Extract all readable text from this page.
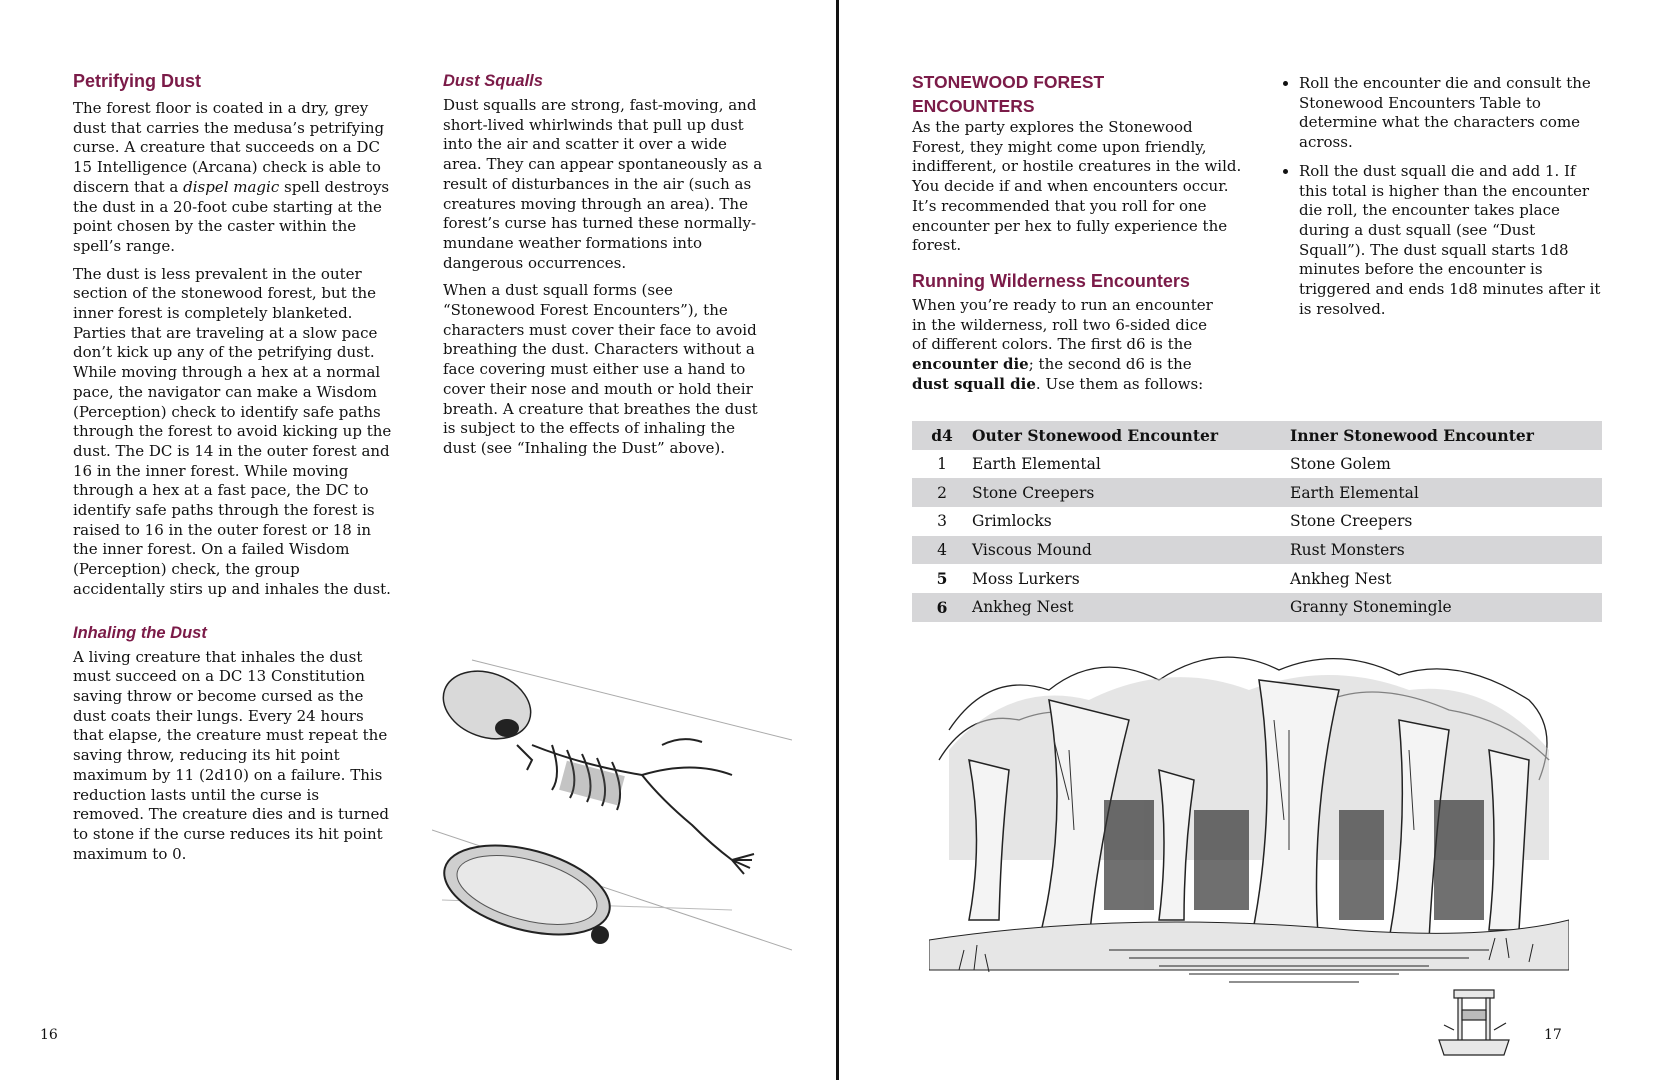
Petrifying Dust

The forest floor is coated in a dry, grey dust that carries the medusa’s petrifying curse. A creature that succeeds on a DC 15 Intelligence (Arcana) check is able to discern that a dispel magic spell destroys the dust in a 20-foot cube starting at the point chosen by the caster within the spell’s range.

The dust is less prevalent in the outer section of the stonewood forest, but the inner forest is completely blanketed. Parties that are traveling at a slow pace don’t kick up any of the petrifying dust. While moving through a hex at a normal pace, the navigator can make a Wisdom (Perception) check to identify safe paths through the forest to avoid kicking up the dust. The DC is 14 in the outer forest and 16 in the inner forest. While moving through a hex at a fast pace, the DC to identify safe paths through the forest is raised to 16 in the outer forest or 18 in the inner forest. On a failed Wisdom (Perception) check, the group accidentally stirs up and inhales the dust.

Inhaling the Dust

A living creature that inhales the dust must succeed on a DC 13 Constitution saving throw or become cursed as the dust coats their lungs. Every 24 hours that elapse, the creature must repeat the saving throw, reducing its hit point maximum by 11 (2d10) on a failure. This reduction lasts until the curse is removed. The creature dies and is turned to stone if the curse reduces its hit point maximum to 0.

Dust Squalls

Dust squalls are strong, fast-moving, and short-lived whirlwinds that pull up dust into the air and scatter it over a wide area. They can appear spontaneously as a result of disturbances in the air (such as creatures moving through an area). The forest’s curse has turned these normally-mundane weather formations into dangerous occurrences.

When a dust squall forms (see “Stonewood Forest Encounters”), the characters must cover their face to avoid breathing the dust. Characters without a face covering must either use a hand to cover their nose and mouth or hold their breath. A creature that breathes the dust is subject to the effects of inhaling the dust (see “Inhaling the Dust” above).

16
STONEWOOD FOREST
ENCOUNTERS

As the party explores the Stonewood Forest, they might come upon friendly, indifferent, or hostile creatures in the wild. You decide if and when encounters occur. It’s recommended that you roll for one encounter per hex to fully experience the forest.

Running Wilderness Encounters

When you’re ready to run an encounter in the wilderness, roll two 6-sided dice of different colors. The first d6 is the encounter die; the second d6 is the dust squall die. Use them as follows:

• Roll the encounter die and consult the Stonewood Encounters Table to determine what the characters come across.
• Roll the dust squall die and add 1. If this total is higher than the encounter die roll, the encounter takes place during a dust squall (see “Dust Squall”). The dust squall starts 1d8 minutes before the encounter is triggered and ends 1d8 minutes after it is resolved.
d4	Outer Stonewood Encounter	Inner Stonewood Encounter
1	Earth Elemental	Stone Golem
2	Stone Creepers	Earth Elemental
3	Grimlocks	Stone Creepers
4	Viscous Mound	Rust Monsters
5	Moss Lurkers	Ankheg Nest
6	Ankheg Nest	Granny Stonemingle
17
